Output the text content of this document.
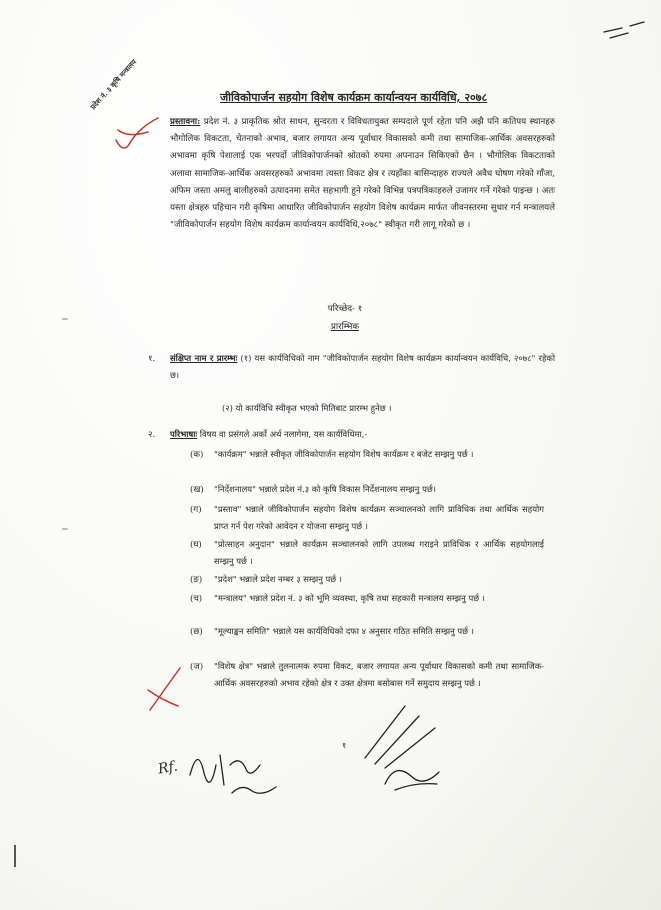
प्रदेश नं. ३ कृषि मन्त्रालय	जीविकोपार्जन सहयोग विशेष कार्यक्रम कार्यान्वयन कार्यविधि, २०७८
प्रस्तावना: प्रदेश नं. ३ प्राकृतिक श्रोत साधन, सुन्दरता र विविधतायुक्त सम्पदाले पूर्ण रहेता पनि अझै पनि कतिपय स्थानहरु भौगोलिक विकटता, चेतनाको अभाव, बजार लगायत अन्य पूर्वाधार विकासको कमी तथा सामाजिक-आर्थिक अवसरहरुको अभावमा कृषि पेशालाई एक भरपर्दो जीविकोपार्जनको श्रोतको रुपमा अपनाउन सिकिएको छैन । भौगोलिक विकटताको अलावा सामाजिक-आर्थिक अवसरहरुको अभावमा त्यस्ता विकट क्षेत्र र त्यहाँका बासिन्दाहरु राज्यले अवैध घोषण गरेको गाँजा, अफिम जस्ता अमलु बालीहरुको उत्पादनमा समेत सहभागी हुने गरेको विभिन्न पत्रपत्रिकाहरुले उजागर गर्ने गरेको पाइन्छ । अतः यस्ता क्षेत्रहरु पहिचान गरी कृषिमा आधारित जीविकोपार्जन सहयोग विशेष कार्यक्रम मार्फत जीवनस्तरमा सुधार गर्न मन्त्रालयले "जीविकोपार्जन सहयोग विशेष कार्यक्रम कार्यान्वयन कार्यविधि,२०७८" स्वीकृत गरी लागू गरेको छ ।
परिच्छेद- १
प्रारम्भिक
१. संक्षिप्त नाम र प्रारम्भः (१) यस कार्यविधिको नाम "जीविकोपार्जन सहयोग विशेष कार्यक्रम कार्यान्वयन कार्यविधि, २०७८" रहेको छ।
(२) यो कार्यविधि स्वीकृत भएको मितिबाट प्रारम्भ हुनेछ ।
२. परिभाषाः विषय वा प्रसंगले अर्को अर्थ नलागेमा, यस कार्यविधिमा,-
(क) "कार्यक्रम" भन्नाले स्वीकृत जीविकोपार्जन सहयोग विशेष कार्यक्रम र बजेट सम्झनु पर्छ ।
(ख) "निर्देशनालय" भन्नाले प्रदेश नं.३ को कृषि विकास निर्देशनालय सम्झनु पर्छ।
(ग) "प्रस्ताव" भन्नाले जीविकोपार्जन सहयोग विशेष कार्यक्रम सञ्चालनको लागि प्राविधिक तथा आर्थिक सहयोग प्राप्त गर्न पेश गरेको आवेदन र योजना सम्झनु पर्छ ।
(घ) "प्रोत्साहन अनुदान" भन्नाले कार्यक्रम सञ्चालनको लागि उपलब्ध गराइने प्राविधिक र आर्थिक सहयोगलाई सम्झनु पर्छ ।
(ङ) "प्रदेश" भन्नाले प्रदेश नम्बर ३ सम्झनु पर्छ ।
(च) "मन्त्रालय" भन्नाले प्रदेश नं. ३ को भूमि व्यवस्था, कृषि तथा सहकारी मन्त्रालय सम्झनु पर्छ ।
(छ) "मूल्याङ्कन समिति" भन्नाले यस कार्यविधिको दफा ४ अनुसार गठित समिति सम्झनु पर्छ ।
(ज) "विशेष क्षेत्र" भन्नाले तुलनात्मक रुपमा विकट, बजार लगायत अन्य पूर्वाधार विकासको कमी तथा सामाजिक-आर्थिक अवसरहरुको अभाव रहेको क्षेत्र र उक्त क्षेत्रमा बसोबास गर्ने समुदाय सम्झनु पर्छ ।
१
Rf.
